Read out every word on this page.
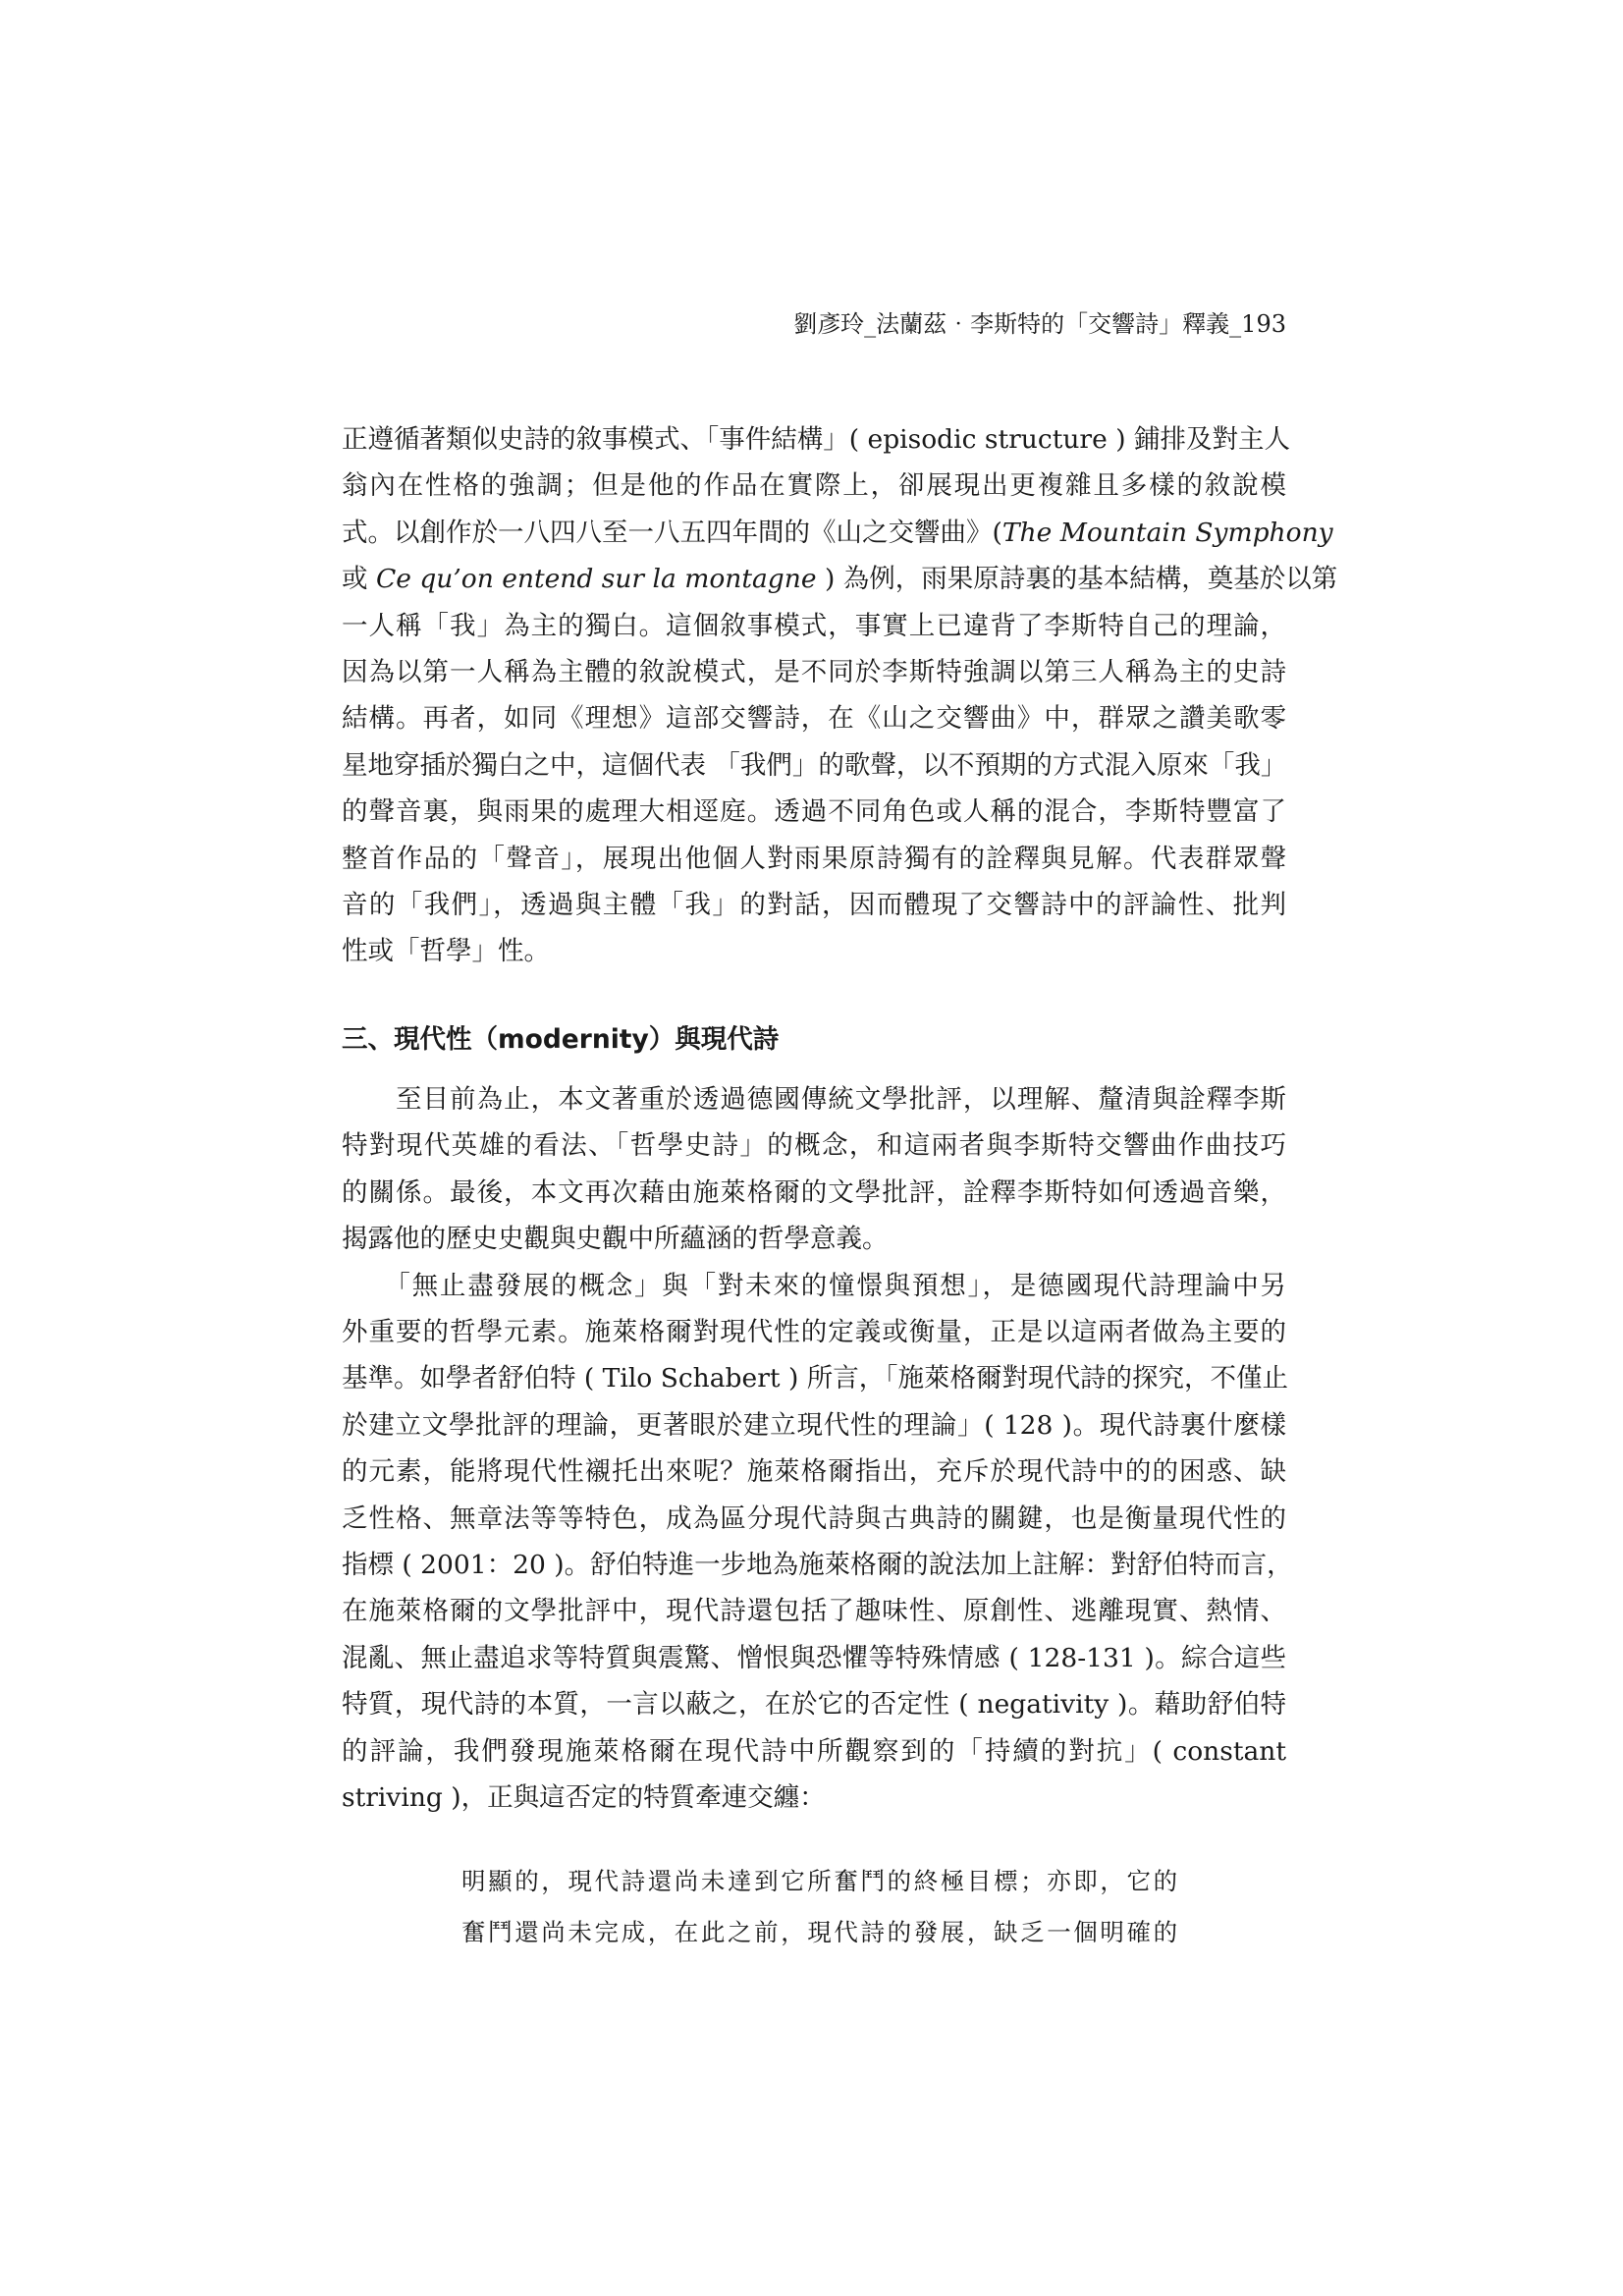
劉彥玲_法蘭茲‧李斯特的「交響詩」釋義_193

正遵循著類似史詩的敘事模式、「事件結構」( episodic structure ) 鋪排及對主人
翁內在性格的強調；但是他的作品在實際上，卻展現出更複雜且多樣的敘說模
式。以創作於一八四八至一八五四年間的《山之交響曲》(The Mountain Symphony
或 Ce qu’on entend sur la montagne ) 為例，雨果原詩裏的基本結構，奠基於以第
一人稱「我」為主的獨白。這個敘事模式，事實上已違背了李斯特自己的理論，
因為以第一人稱為主體的敘說模式，是不同於李斯特強調以第三人稱為主的史詩
結構。再者，如同《理想》這部交響詩，在《山之交響曲》中，群眾之讚美歌零
星地穿插於獨白之中，這個代表 「我們」的歌聲，以不預期的方式混入原來「我」
的聲音裏，與雨果的處理大相逕庭。透過不同角色或人稱的混合，李斯特豐富了
整首作品的「聲音」，展現出他個人對雨果原詩獨有的詮釋與見解。代表群眾聲
音的「我們」，透過與主體「我」的對話，因而體現了交響詩中的評論性、批判
性或「哲學」性。

三、現代性（modernity）與現代詩

　　至目前為止，本文著重於透過德國傳統文學批評，以理解、釐清與詮釋李斯
特對現代英雄的看法、「哲學史詩」的概念，和這兩者與李斯特交響曲作曲技巧
的關係。最後，本文再次藉由施萊格爾的文學批評，詮釋李斯特如何透過音樂，
揭露他的歷史史觀與史觀中所蘊涵的哲學意義。

　　「無止盡發展的概念」與「對未來的憧憬與預想」，是德國現代詩理論中另
外重要的哲學元素。施萊格爾對現代性的定義或衡量，正是以這兩者做為主要的
基準。如學者舒伯特 ( Tilo Schabert ) 所言，「施萊格爾對現代詩的探究，不僅止
於建立文學批評的理論，更著眼於建立現代性的理論」( 128 )。現代詩裏什麼樣
的元素，能將現代性襯托出來呢？施萊格爾指出，充斥於現代詩中的的困惑、缺
乏性格、無章法等等特色，成為區分現代詩與古典詩的關鍵，也是衡量現代性的
指標 ( 2001：20 )。舒伯特進一步地為施萊格爾的說法加上註解：對舒伯特而言，
在施萊格爾的文學批評中，現代詩還包括了趣味性、原創性、逃離現實、熱情、
混亂、無止盡追求等特質與震驚、憎恨與恐懼等特殊情感 ( 128-131 )。綜合這些
特質，現代詩的本質，一言以蔽之，在於它的否定性 ( negativity )。藉助舒伯特
的評論，我們發現施萊格爾在現代詩中所觀察到的「持續的對抗」( constant
striving )，正與這否定的特質牽連交纏：

明顯的，現代詩還尚未達到它所奮鬥的終極目標；亦即，它的
奮鬥還尚未完成，在此之前，現代詩的發展，缺乏一個明確的
